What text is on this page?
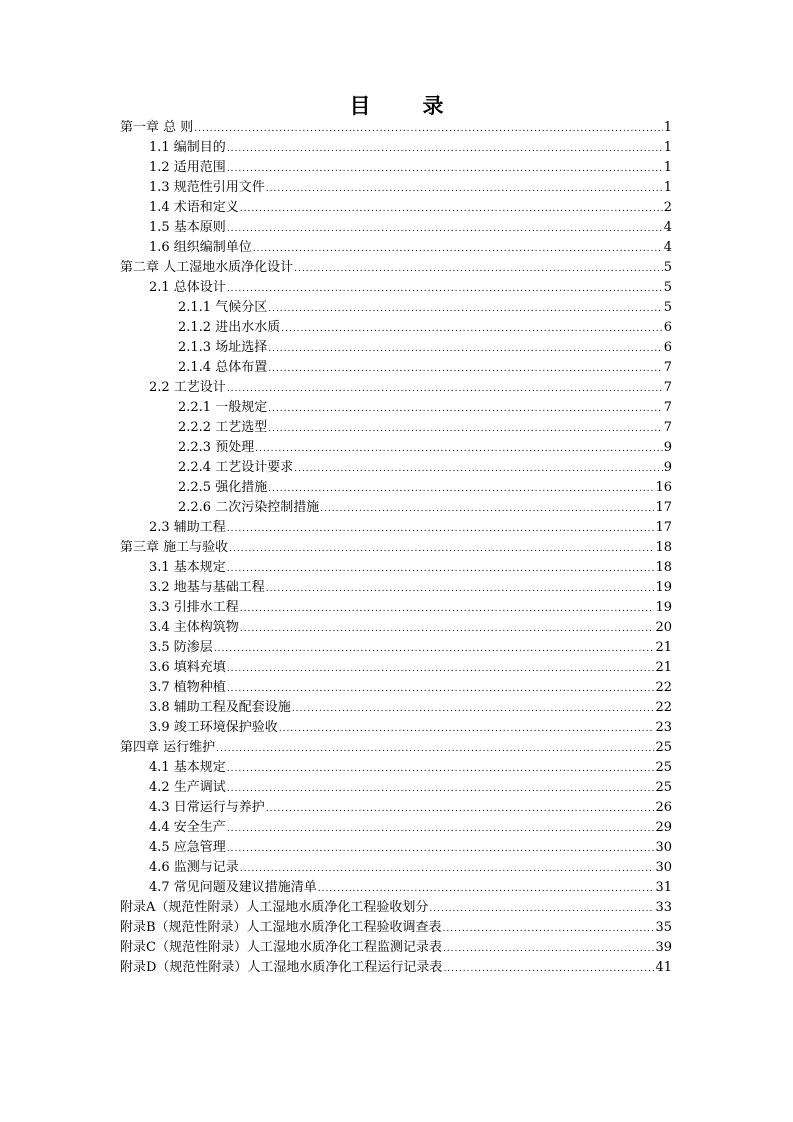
目 录
第一章 总 则 .....	1
1.1 编制目的 .....	1
1.2 适用范围 .....	1
1.3 规范性引用文件 .....	1
1.4 术语和定义 .....	2
1.5 基本原则 .....	4
1.6 组织编制单位 .....	4
第二章 人工湿地水质净化设计 .....	5
2.1 总体设计 .....	5
2.1.1 气候分区 .....	5
2.1.2 进出水水质 .....	6
2.1.3 场址选择 .....	6
2.1.4 总体布置 .....	7
2.2 工艺设计 .....	7
2.2.1 一般规定 .....	7
2.2.2 工艺选型 .....	7
2.2.3 预处理 .....	9
2.2.4 工艺设计要求 .....	9
2.2.5 强化措施 .....	16
2.2.6 二次污染控制措施 .....	17
2.3 辅助工程 .....	17
第三章 施工与验收 .....	18
3.1 基本规定 .....	18
3.2 地基与基础工程 .....	19
3.3 引排水工程 .....	19
3.4 主体构筑物 .....	20
3.5 防渗层 .....	21
3.6 填料充填 .....	21
3.7 植物种植 .....	22
3.8 辅助工程及配套设施 .....	22
3.9 竣工环境保护验收 .....	23
第四章 运行维护 .....	25
4.1 基本规定 .....	25
4.2 生产调试 .....	25
4.3 日常运行与养护 .....	26
4.4 安全生产 .....	29
4.5 应急管理 .....	30
4.6 监测与记录 .....	30
4.7 常见问题及建议措施清单 .....	31
附录A（规范性附录）人工湿地水质净化工程验收划分 .....	33
附录B（规范性附录）人工湿地水质净化工程验收调查表 .....	35
附录C（规范性附录）人工湿地水质净化工程监测记录表 .....	39
附录D（规范性附录）人工湿地水质净化工程运行记录表 .....	41
